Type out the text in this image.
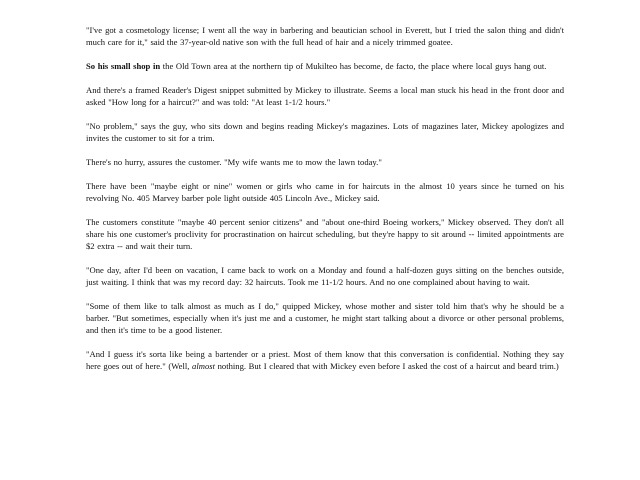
"I've got a cosmetology license; I went all the way in barbering and beautician school in Everett, but I tried the salon thing and didn't much care for it," said the 37-year-old native son with the full head of hair and a nicely trimmed goatee.

So his small shop in the Old Town area at the northern tip of Mukilteo has become, de facto, the place where local guys hang out.

And there's a framed Reader's Digest snippet submitted by Mickey to illustrate. Seems a local man stuck his head in the front door and asked "How long for a haircut?" and was told: "At least 1-1/2 hours."

"No problem," says the guy, who sits down and begins reading Mickey's magazines. Lots of magazines later, Mickey apologizes and invites the customer to sit for a trim.

There's no hurry, assures the customer. "My wife wants me to mow the lawn today."

There have been "maybe eight or nine" women or girls who came in for haircuts in the almost 10 years since he turned on his revolving No. 405 Marvey barber pole light outside 405 Lincoln Ave., Mickey said.

The customers constitute "maybe 40 percent senior citizens" and "about one-third Boeing workers," Mickey observed. They don't all share his one customer's proclivity for procrastination on haircut scheduling, but they're happy to sit around -- limited appointments are $2 extra -- and wait their turn.

"One day, after I'd been on vacation, I came back to work on a Monday and found a half-dozen guys sitting on the benches outside, just waiting. I think that was my record day: 32 haircuts. Took me 11-1/2 hours. And no one complained about having to wait.

"Some of them like to talk almost as much as I do," quipped Mickey, whose mother and sister told him that's why he should be a barber. "But sometimes, especially when it's just me and a customer, he might start talking about a divorce or other personal problems, and then it's time to be a good listener.

"And I guess it's sorta like being a bartender or a priest. Most of them know that this conversation is confidential. Nothing they say here goes out of here." (Well, almost nothing. But I cleared that with Mickey even before I asked the cost of a haircut and beard trim.)
